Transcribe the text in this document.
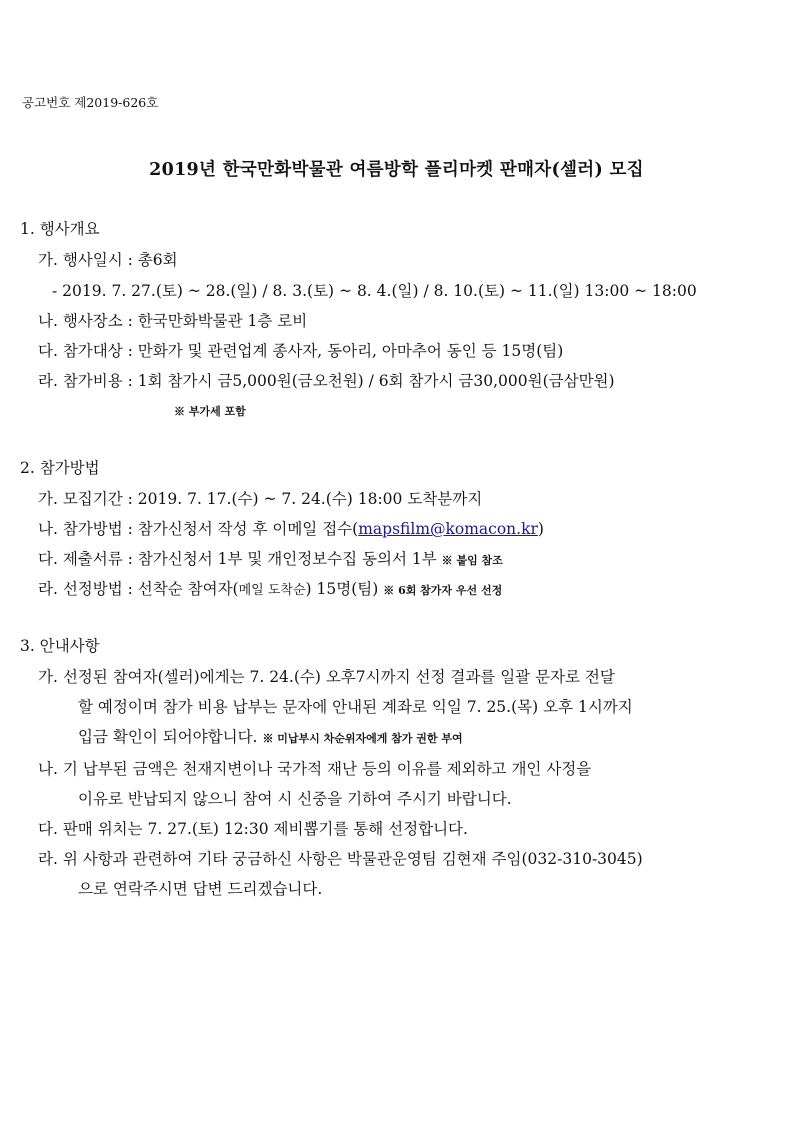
공고번호 제2019-626호
2019년 한국만화박물관 여름방학 플리마켓 판매자(셀러) 모집
1. 행사개요
가. 행사일시 : 총6회
- 2019. 7. 27.(토) ~ 28.(일) / 8. 3.(토) ~ 8. 4.(일) / 8. 10.(토) ~ 11.(일) 13:00 ~ 18:00
나. 행사장소 : 한국만화박물관 1층 로비
다. 참가대상 : 만화가 및 관련업계 종사자, 동아리, 아마추어 동인 등 15명(팀)
라. 참가비용 : 1회 참가시 금5,000원(금오천원) / 6회 참가시 금30,000원(금삼만원)
※ 부가세 포함
2. 참가방법
가. 모집기간 : 2019. 7. 17.(수) ~ 7. 24.(수) 18:00 도착분까지
나. 참가방법 : 참가신청서 작성 후 이메일 접수(mapsfilm@komacon.kr)
다. 제출서류 : 참가신청서 1부 및 개인정보수집 동의서 1부 ※ 붙임 참조
라. 선정방법 : 선착순 참여자(메일 도착순) 15명(팀) ※ 6회 참가자 우선 선정
3. 안내사항
가. 선정된 참여자(셀러)에게는 7. 24.(수) 오후7시까지 선정 결과를 일괄 문자로 전달
할 예정이며 참가 비용 납부는 문자에 안내된 계좌로 익일 7. 25.(목) 오후 1시까지
입금 확인이 되어야합니다. ※ 미납부시 차순위자에게 참가 권한 부여
나. 기 납부된 금액은 천재지변이나 국가적 재난 등의 이유를 제외하고 개인 사정을
이유로 반납되지 않으니 참여 시 신중을 기하여 주시기 바랍니다.
다. 판매 위치는 7. 27.(토) 12:30 제비뽑기를 통해 선정합니다.
라. 위 사항과 관련하여 기타 궁금하신 사항은 박물관운영팀 김현재 주임(032-310-3045)
으로 연락주시면 답변 드리겠습니다.
